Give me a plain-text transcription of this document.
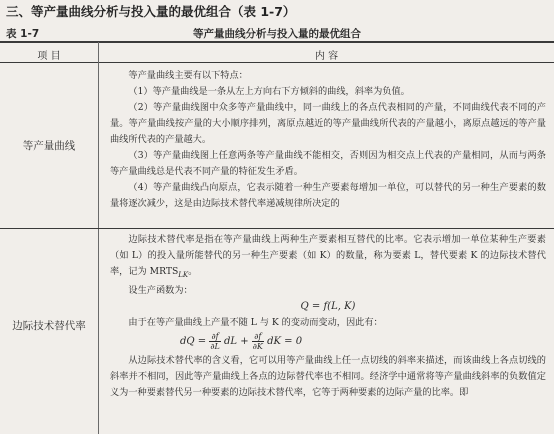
三、等产量曲线分析与投入量的最优组合（表 1-7）
表 1-7	等产量曲线分析与投入量的最优组合
项 目	内 容
等产量曲线

等产量曲线主要有以下特点：

（1）等产量曲线是一条从左上方向右下方倾斜的曲线，斜率为负值。

（2）等产量曲线图中众多等产量曲线中，同一曲线上的各点代表相同的产量，不同曲线代表不同的产量。等产量曲线按产量的大小顺序排列，离原点越近的等产量曲线所代表的产量越小，离原点越远的等产量曲线所代表的产量越大。

（3）等产量曲线图上任意两条等产量曲线不能相交，否则因为相交点上代表的产量相同，从而与两条等产量曲线总是代表不同产量的特征发生矛盾。

（4）等产量曲线凸向原点，它表示随着一种生产要素每增加一单位，可以替代的另一种生产要素的数量将逐次减少，这是由边际技术替代率递减规律所决定的

边际技术替代率

边际技术替代率是指在等产量曲线上两种生产要素相互替代的比率。它表示增加一单位某种生产要素（如 L）的投入量所能替代的另一种生产要素（如 K）的数量，称为要素 L，替代要素 K 的边际技术替代率，记为 $MRTS_{LK}$。

设生产函数为：

Q = f(L, K)

由于在等产量曲线上产量不随 L 与 K 的变动而变动，因此有：

dQ = $\frac{\partial f}{\partial L}$ dL + $\frac{\partial f}{\partial K}$ dK = 0

从边际技术替代率的含义看，它可以用等产量曲线上任一点切线的斜率来描述，而该曲线上各点切线的斜率并不相同，因此等产量曲线上各点的边际替代率也不相同。经济学中通常将等产量曲线斜率的负数值定义为一种要素替代另一种要素的边际技术替代率，它等于两种要素的边际产量的比率。即
